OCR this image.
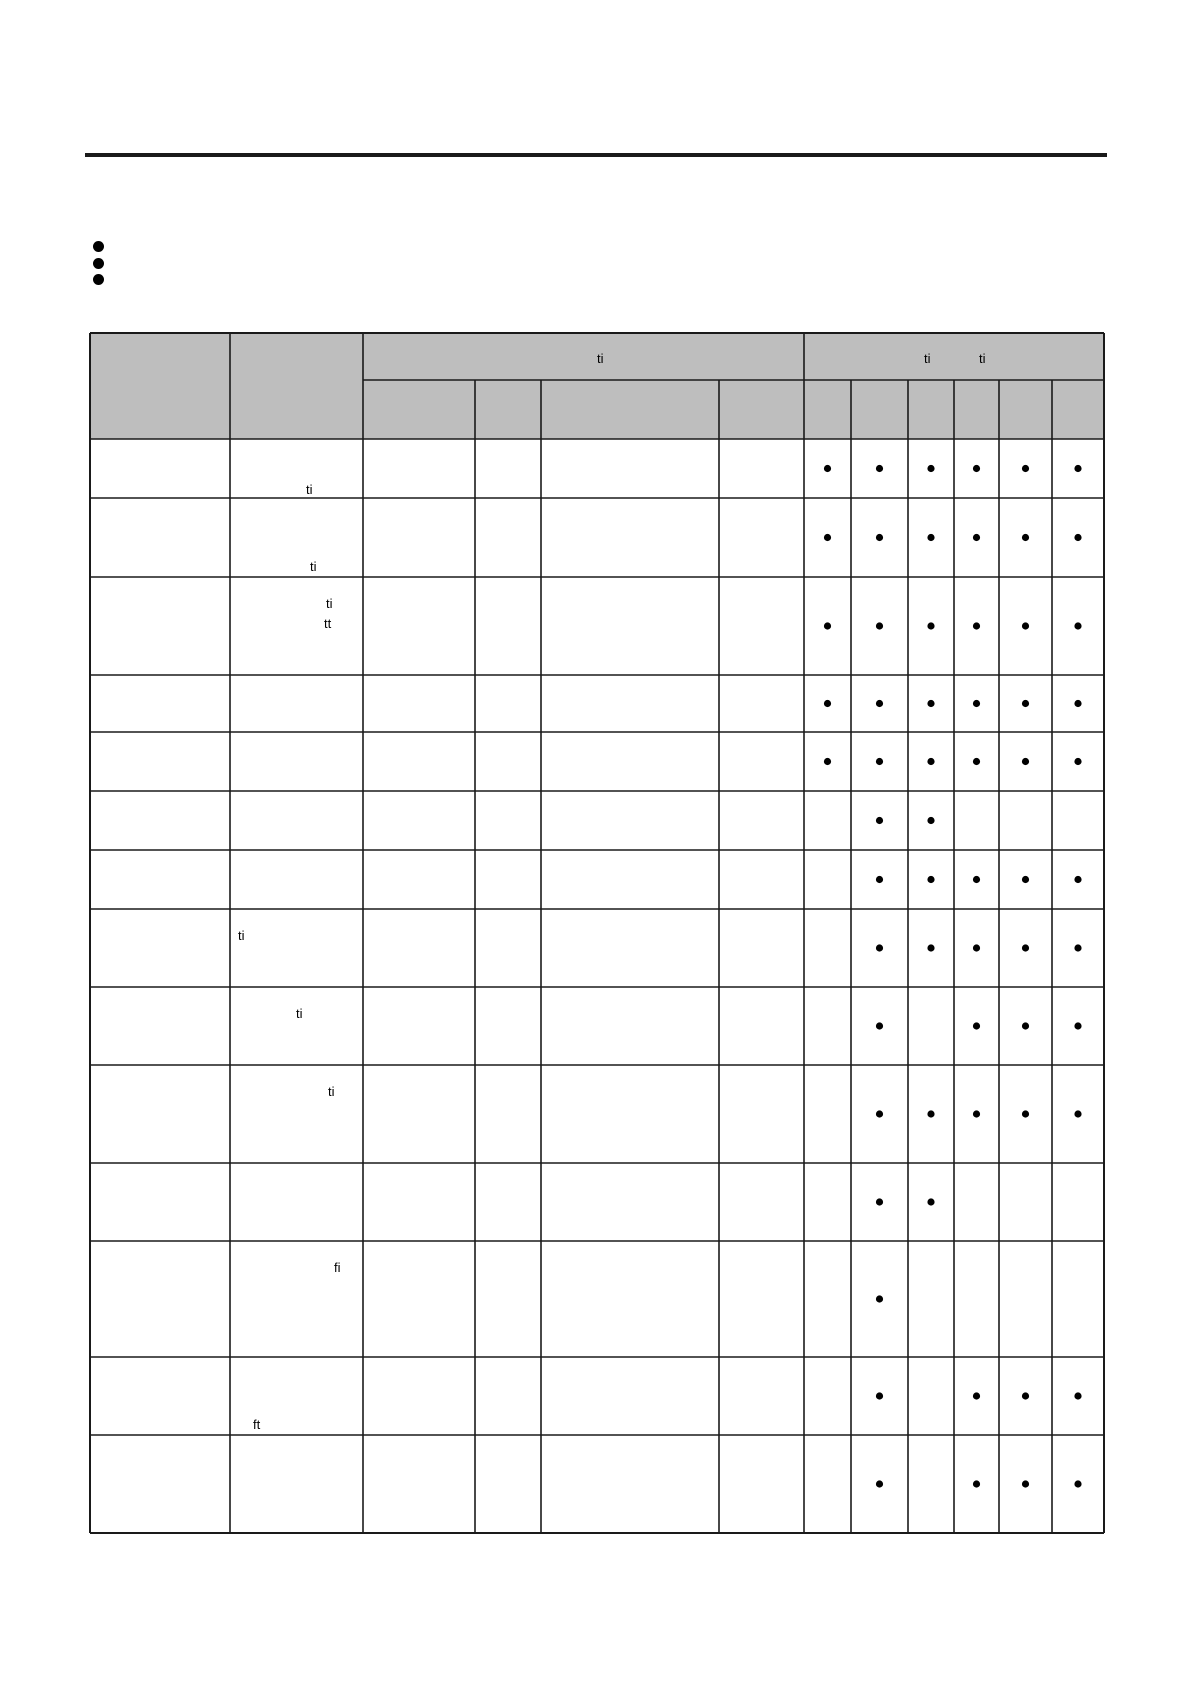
ti	ti	ti
ti
ti
ti
tt
ti
ti
ti
fi
ft
